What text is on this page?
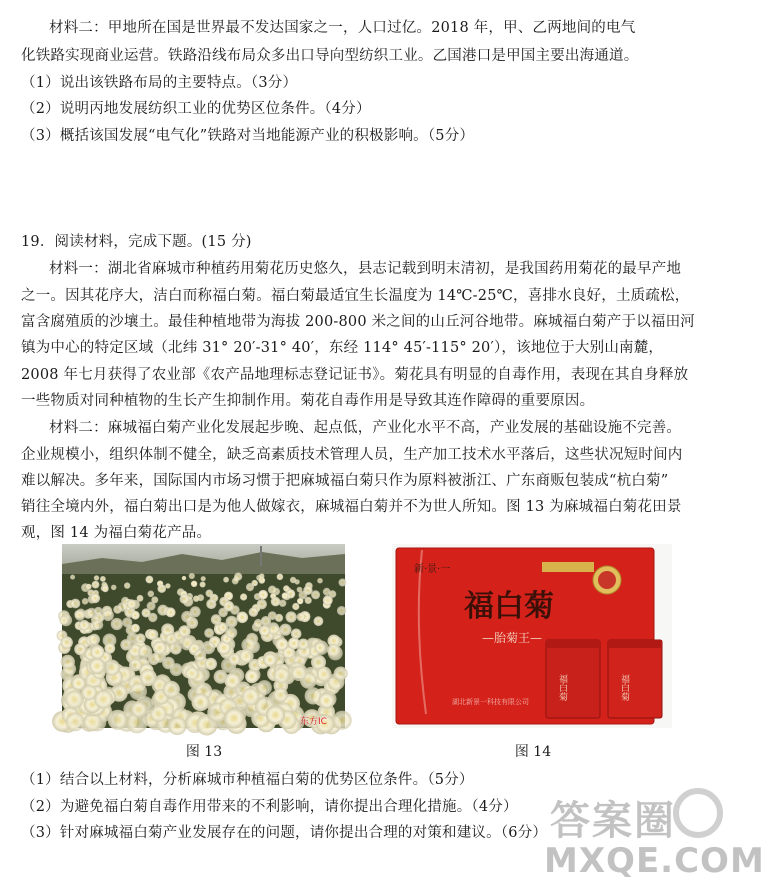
材料二：甲地所在国是世界最不发达国家之一，人口过亿。2018 年，甲、乙两地间的电气
化铁路实现商业运营。铁路沿线布局众多出口导向型纺织工业。乙国港口是甲国主要出海通道。
（1）说出该铁路布局的主要特点。（3分）
（2）说明丙地发展纺织工业的优势区位条件。（4分）
（3）概括该国发展“电气化”铁路对当地能源产业的积极影响。（5分）
19．阅读材料，完成下题。(15 分)
材料一：湖北省麻城市种植药用菊花历史悠久，县志记载到明末清初，是我国药用菊花的最早产地
之一。因其花序大，洁白而称福白菊。福白菊最适宜生长温度为 14℃-25℃，喜排水良好，土质疏松，
富含腐殖质的沙壤土。最佳种植地带为海拔 200-800 米之间的山丘河谷地带。麻城福白菊产于以福田河
镇为中心的特定区域（北纬 31° 20′-31° 40′，东经 114° 45′-115° 20′），该地位于大别山南麓，
2008 年七月获得了农业部《农产品地理标志登记证书》。菊花具有明显的自毒作用，表现在其自身释放
一些物质对同种植物的生长产生抑制作用。菊花自毒作用是导致其连作障碍的重要原因。
材料二：麻城福白菊产业化发展起步晚、起点低，产业化水平不高，产业发展的基础设施不完善。
企业规模小，组织体制不健全，缺乏高素质技术管理人员，生产加工技术水平落后，这些状况短时间内
难以解决。多年来，国际国内市场习惯于把麻城福白菊只作为原料被浙江、广东商贩包装成“杭白菊”
销往全境内外，福白菊出口是为他人做嫁衣，麻城福白菊并不为世人所知。图 13 为麻城福白菊花田景
观，图 14 为福白菊花产品。
东方IC
新·景·一
福白菊
—胎菊王—
湖北新景一科技有限公司
福白菊	福白菊
图 13	图 14
（1）结合以上材料，分析麻城市种植福白菊的优势区位条件。（5分）
（2）为避免福白菊自毒作用带来的不利影响，请你提出合理化措施。（4分）
（3）针对麻城福白菊产业发展存在的问题，请你提出合理的对策和建议。（6分） 答案圈
MXQE.COM
